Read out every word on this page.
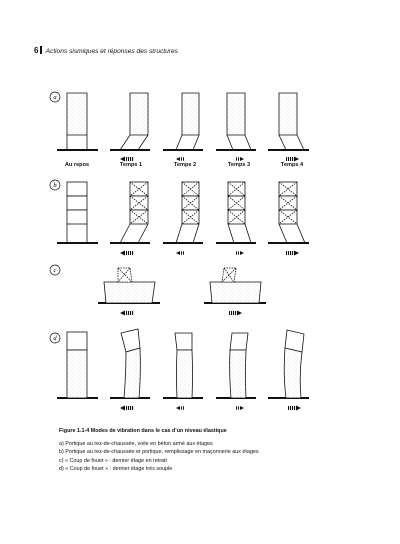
6 Actions sismiques et réponses des structures
a
b
c
d
Au repos	Temps 1	Temps 2	Temps 3	Temps 4
Figure 1.1-4 Modes de vibration dans le cas d’un niveau élastique
a) Portique au rez-de-chaussée, voile en béton armé aux étages
b) Portique au rez-de-chaussée et portique, remplissage en maçonnerie aux étages
c) « Coup de fouet » : dernier étage en retrait
d) « Coup de fouet » : dernier étage très souple
